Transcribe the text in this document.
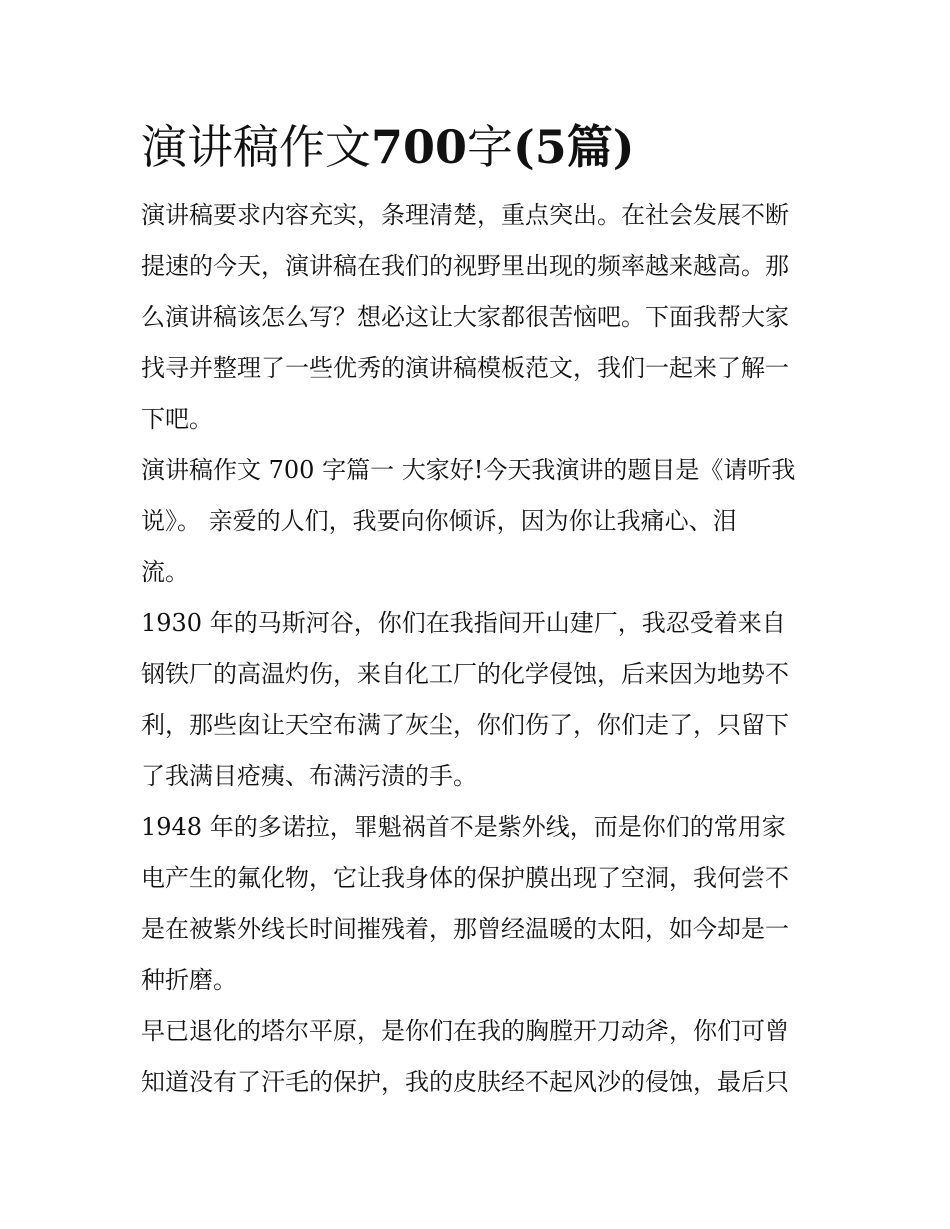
演讲稿作文700字(5篇)

演讲稿要求内容充实，条理清楚，重点突出。在社会发展不断
提速的今天，演讲稿在我们的视野里出现的频率越来越高。那
么演讲稿该怎么写？想必这让大家都很苦恼吧。下面我帮大家
找寻并整理了一些优秀的演讲稿模板范文，我们一起来了解一
下吧。

演讲稿作文 700 字篇一 大家好!今天我演讲的题目是《请听我
说》。 亲爱的人们，我要向你倾诉，因为你让我痛心、泪
流。

1930 年的马斯河谷，你们在我指间开山建厂，我忍受着来自
钢铁厂的高温灼伤，来自化工厂的化学侵蚀，后来因为地势不
利，那些囱让天空布满了灰尘，你们伤了，你们走了，只留下
了我满目疮痍、布满污渍的手。

1948 年的多诺拉，罪魁祸首不是紫外线，而是你们的常用家
电产生的氟化物，它让我身体的保护膜出现了空洞，我何尝不
是在被紫外线长时间摧残着，那曾经温暖的太阳，如今却是一
种折磨。

早已退化的塔尔平原，是你们在我的胸膛开刀动斧，你们可曾
知道没有了汗毛的保护，我的皮肤经不起风沙的侵蚀，最后只
